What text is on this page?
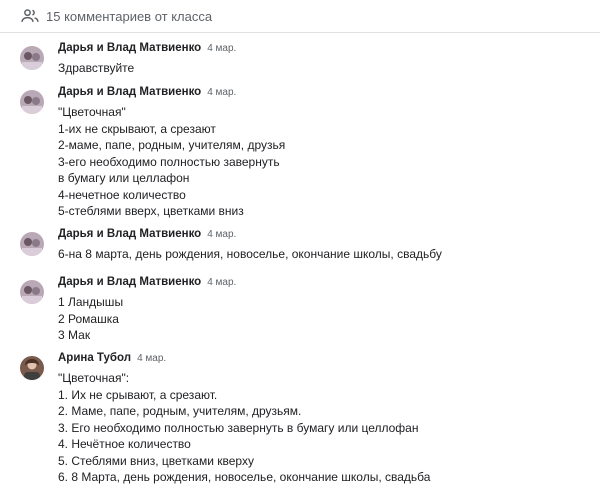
15 комментариев от класса
Дарья и Влад Матвиенко 4 мар.
Здравствуйте
Дарья и Влад Матвиенко 4 мар.
"Цветочная"
1-их не скрывают, а срезают
2-маме, папе, родным, учителям, друзья
3-его необходимо полностью завернуть
в бумагу или целлафон
4-нечетное количество
5-стеблями вверх, цветками вниз
Дарья и Влад Матвиенко 4 мар.
6-на 8 марта, день рождения, новоселье, окончание школы, свадьбу
Дарья и Влад Матвиенко 4 мар.
1 Ландышы
2 Ромашка
3 Мак
Арина Тубол 4 мар.
"Цветочная":
1. Их не срывают, а срезают.
2. Маме, папе, родным, учителям, друзьям.
3. Его необходимо полностью завернуть в бумагу или целлофан
4. Нечётное количество
5. Стеблями вниз, цветками кверху
6. 8 Марта, день рождения, новоселье, окончание школы, свадьба
